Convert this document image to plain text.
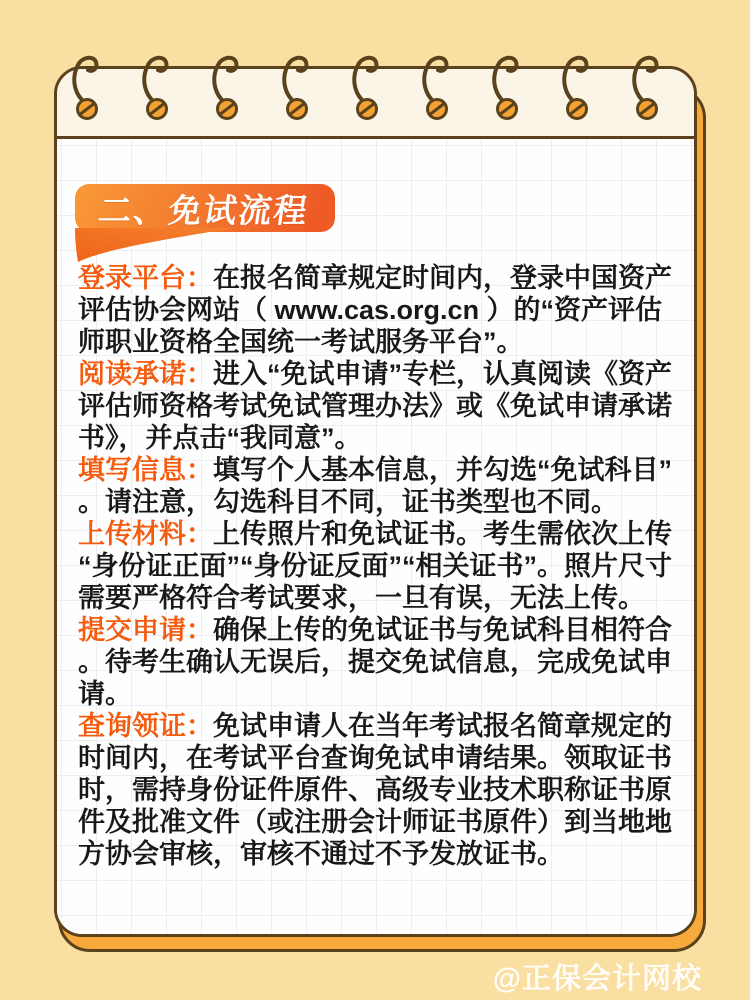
二、免试流程

登录平台：在报名简章规定时间内，登录中国资产评估协会网站（ www.cas.org.cn ）的“资产评估师职业资格全国统一考试服务平台”。

阅读承诺：进入“免试申请”专栏，认真阅读《资产评估师资格考试免试管理办法》或《免试申请承诺书》，并点击“我同意”。

填写信息：填写个人基本信息，并勾选“免试科目”。请注意，勾选科目不同，证书类型也不同。

上传材料：上传照片和免试证书。考生需依次上传“身份证正面”“身份证反面”“相关证书”。照片尺寸需要严格符合考试要求，一旦有误，无法上传。

提交申请：确保上传的免试证书与免试科目相符合。待考生确认无误后，提交免试信息，完成免试申请。

查询领证：免试申请人在当年考试报名简章规定的时间内，在考试平台查询免试申请结果。领取证书时，需持身份证件原件、高级专业技术职称证书原件及批准文件（或注册会计师证书原件）到当地地方协会审核，审核不通过不予发放证书。

@正保会计网校
